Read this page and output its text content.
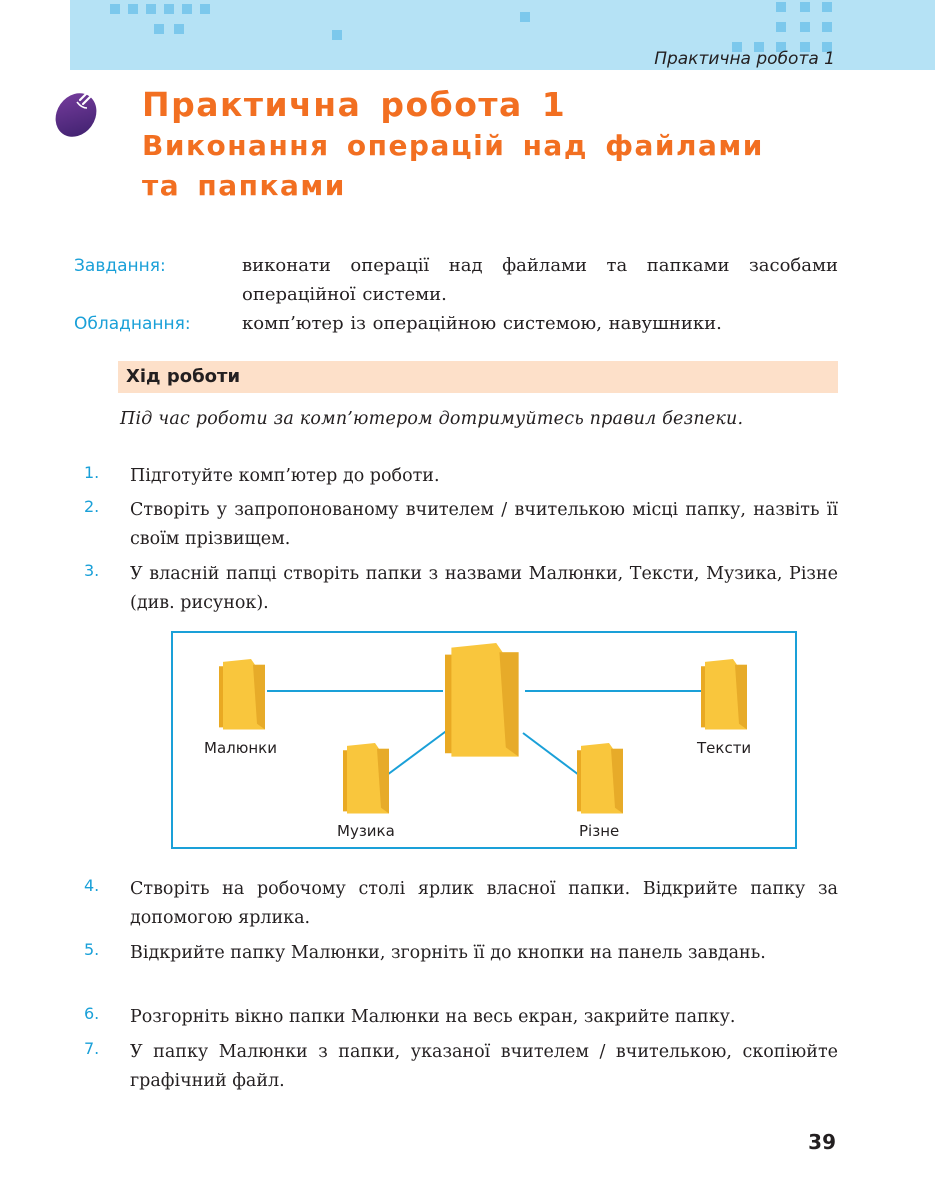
Практична робота 1
Практична робота 1
Виконання операцій над файлами
та папками
Завдання:	виконати операції над файлами та папками засобами операційної системи.
Обладнання:	комп’ютер із операційною системою, навушники.
Хід роботи
Під час роботи за комп’ютером дотримуйтесь правил безпеки.
1. Підготуйте комп’ютер до роботи.
2. Створіть у запропонованому вчителем / вчителькою місці папку, назвіть її своїм прізвищем.
3. У власній папці створіть папки з назвами Малюнки, Тексти, Музика, Різне (див. рисунок).
Малюнки	Тексти
Музика	Різне
4. Створіть на робочому столі ярлик власної папки. Відкрийте папку за допомогою ярлика.
5. Відкрийте папку Малюнки, згорніть її до кнопки на панель завдань.
6. Розгорніть вікно папки Малюнки на весь екран, закрийте папку.
7. У папку Малюнки з папки, указаної вчителем / вчителькою, скопіюйте графічний файл.
39
